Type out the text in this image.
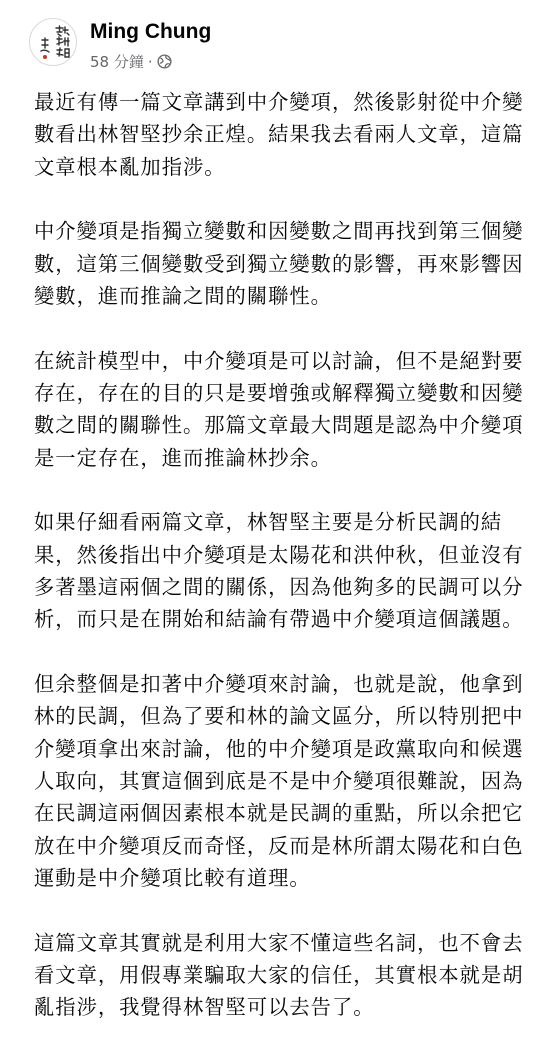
Ming Chung
58 分鐘 ·

最近有傳一篇文章講到中介變項，然後影射從中介變數看出林智堅抄余正煌。結果我去看兩人文章，這篇文章根本亂加指涉。

中介變項是指獨立變數和因變數之間再找到第三個變數，這第三個變數受到獨立變數的影響，再來影響因變數，進而推論之間的關聯性。

在統計模型中，中介變項是可以討論，但不是絕對要存在，存在的目的只是要增強或解釋獨立變數和因變數之間的關聯性。那篇文章最大問題是認為中介變項是一定存在，進而推論林抄余。

如果仔細看兩篇文章，林智堅主要是分析民調的結果，然後指出中介變項是太陽花和洪仲秋，但並沒有多著墨這兩個之間的關係，因為他夠多的民調可以分析，而只是在開始和結論有帶過中介變項這個議題。

但余整個是扣著中介變項來討論，也就是說，他拿到林的民調，但為了要和林的論文區分，所以特別把中介變項拿出來討論，他的中介變項是政黨取向和候選人取向，其實這個到底是不是中介變項很難說，因為在民調這兩個因素根本就是民調的重點，所以余把它放在中介變項反而奇怪，反而是林所謂太陽花和白色運動是中介變項比較有道理。

這篇文章其實就是利用大家不懂這些名詞，也不會去看文章，用假專業騙取大家的信任，其實根本就是胡亂指涉，我覺得林智堅可以去告了。
